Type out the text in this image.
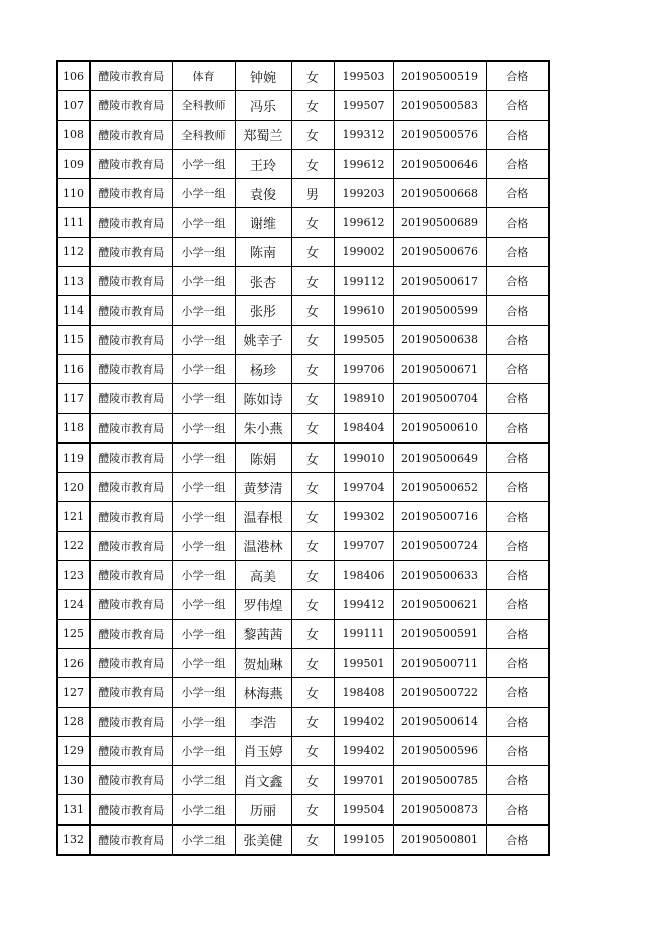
106	醴陵市教育局	体育	钟婉	女	199503	20190500519	合格
107	醴陵市教育局	全科教师	冯乐	女	199507	20190500583	合格
108	醴陵市教育局	全科教师	郑蜀兰	女	199312	20190500576	合格
109	醴陵市教育局	小学一组	王玲	女	199612	20190500646	合格
110	醴陵市教育局	小学一组	袁俊	男	199203	20190500668	合格
111	醴陵市教育局	小学一组	谢维	女	199612	20190500689	合格
112	醴陵市教育局	小学一组	陈南	女	199002	20190500676	合格
113	醴陵市教育局	小学一组	张杏	女	199112	20190500617	合格
114	醴陵市教育局	小学一组	张彤	女	199610	20190500599	合格
115	醴陵市教育局	小学一组	姚幸子	女	199505	20190500638	合格
116	醴陵市教育局	小学一组	杨珍	女	199706	20190500671	合格
117	醴陵市教育局	小学一组	陈如诗	女	198910	20190500704	合格
118	醴陵市教育局	小学一组	朱小燕	女	198404	20190500610	合格
119	醴陵市教育局	小学一组	陈娟	女	199010	20190500649	合格
120	醴陵市教育局	小学一组	黄梦清	女	199704	20190500652	合格
121	醴陵市教育局	小学一组	温春根	女	199302	20190500716	合格
122	醴陵市教育局	小学一组	温港林	女	199707	20190500724	合格
123	醴陵市教育局	小学一组	高美	女	198406	20190500633	合格
124	醴陵市教育局	小学一组	罗伟煌	女	199412	20190500621	合格
125	醴陵市教育局	小学一组	黎茜茜	女	199111	20190500591	合格
126	醴陵市教育局	小学一组	贺灿琳	女	199501	20190500711	合格
127	醴陵市教育局	小学一组	林海燕	女	198408	20190500722	合格
128	醴陵市教育局	小学一组	李浩	女	199402	20190500614	合格
129	醴陵市教育局	小学一组	肖玉婷	女	199402	20190500596	合格
130	醴陵市教育局	小学二组	肖文鑫	女	199701	20190500785	合格
131	醴陵市教育局	小学二组	历丽	女	199504	20190500873	合格
132	醴陵市教育局	小学二组	张美健	女	199105	20190500801	合格
